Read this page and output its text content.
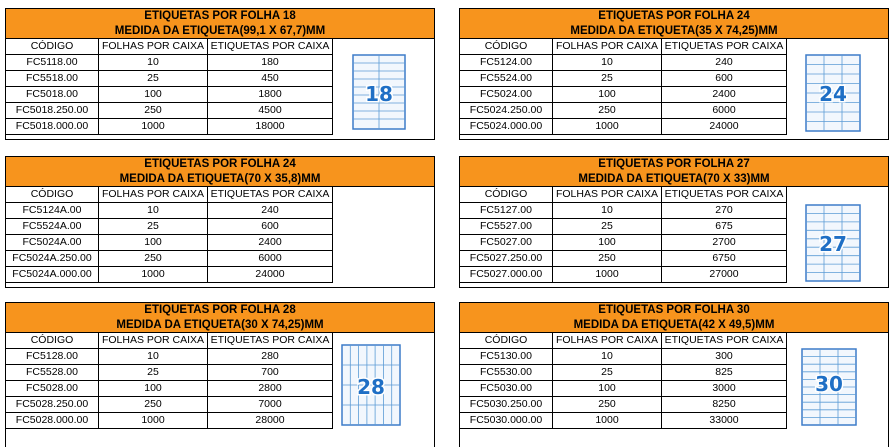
ETIQUETAS POR FOLHA 18
MEDIDA DA ETIQUETA(99,1 X 67,7)MM
CÓDIGO	FOLHAS POR CAIXA	ETIQUETAS POR CAIXA
FC5118.00	10	180
FC5518.00	25	450
FC5018.00	100	1800
FC5018.250.00	250	4500
FC5018.000.00	1000	18000
18
ETIQUETAS POR FOLHA 24
MEDIDA DA ETIQUETA(35 X 74,25)MM
CÓDIGO	FOLHAS POR CAIXA	ETIQUETAS POR CAIXA
FC5124.00	10	240
FC5524.00	25	600
FC5024.00	100	2400
FC5024.250.00	250	6000
FC5024.000.00	1000	24000
24
ETIQUETAS POR FOLHA 24
MEDIDA DA ETIQUETA(70 X 35,8)MM
CÓDIGO	FOLHAS POR CAIXA	ETIQUETAS POR CAIXA
FC5124A.00	10	240
FC5524A.00	25	600
FC5024A.00	100	2400
FC5024A.250.00	250	6000
FC5024A.000.00	1000	24000
ETIQUETAS POR FOLHA 27
MEDIDA DA ETIQUETA(70 X 33)MM
CÓDIGO	FOLHAS POR CAIXA	ETIQUETAS POR CAIXA
FC5127.00	10	270
FC5527.00	25	675
FC5027.00	100	2700
FC5027.250.00	250	6750
FC5027.000.00	1000	27000
27
ETIQUETAS POR FOLHA 28
MEDIDA DA ETIQUETA(30 X 74,25)MM
CÓDIGO	FOLHAS POR CAIXA	ETIQUETAS POR CAIXA
FC5128.00	10	280
FC5528.00	25	700
FC5028.00	100	2800
FC5028.250.00	250	7000
FC5028.000.00	1000	28000
28
ETIQUETAS POR FOLHA 30
MEDIDA DA ETIQUETA(42 X 49,5)MM
CÓDIGO	FOLHAS POR CAIXA	ETIQUETAS POR CAIXA
FC5130.00	10	300
FC5530.00	25	825
FC5030.00	100	3000
FC5030.250.00	250	8250
FC5030.000.00	1000	33000
30
